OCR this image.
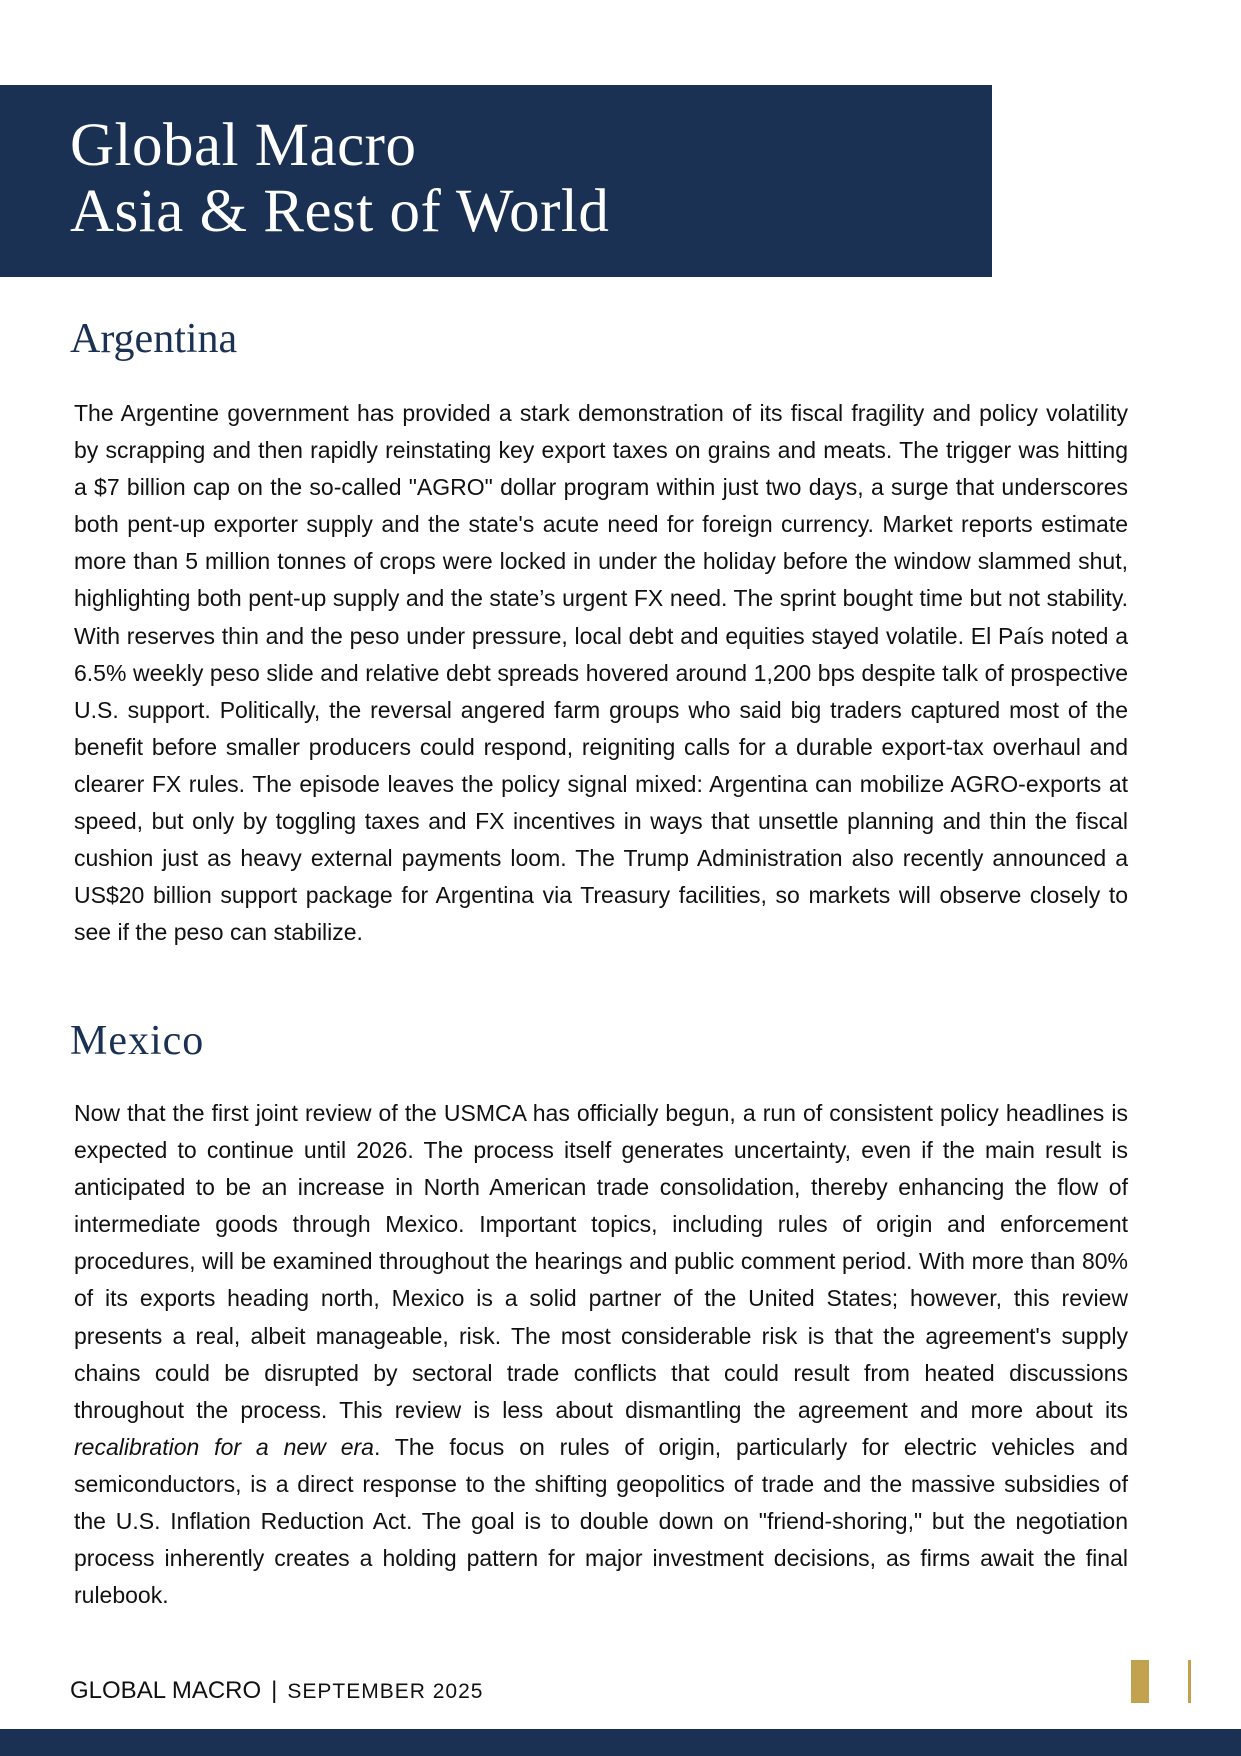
Global Macro
Asia & Rest of World
Argentina

The Argentine government has provided a stark demonstration of its fiscal fragility and policy volatility by scrapping and then rapidly reinstating key export taxes on grains and meats. The trigger was hitting a $7 billion cap on the so-called "AGRO" dollar program within just two days, a surge that underscores both pent-up exporter supply and the state's acute need for foreign currency. Market reports estimate more than 5 million tonnes of crops were locked in under the holiday before the window slammed shut, highlighting both pent-up supply and the state’s urgent FX need. The sprint bought time but not stability. With reserves thin and the peso under pressure, local debt and equities stayed volatile. El País noted a 6.5% weekly peso slide and relative debt spreads hovered around 1,200 bps despite talk of prospective U.S. support. Politically, the reversal angered farm groups who said big traders captured most of the benefit before smaller producers could respond, reigniting calls for a durable export-tax overhaul and clearer FX rules. The episode leaves the policy signal mixed: Argentina can mobilize AGRO-exports at speed, but only by toggling taxes and FX incentives in ways that unsettle planning and thin the fiscal cushion just as heavy external payments loom. The Trump Administration also recently announced a US$20 billion support package for Argentina via Treasury facilities, so markets will observe closely to see if the peso can stabilize.

Mexico

Now that the first joint review of the USMCA has officially begun, a run of consistent policy headlines is expected to continue until 2026. The process itself generates uncertainty, even if the main result is anticipated to be an increase in North American trade consolidation, thereby enhancing the flow of intermediate goods through Mexico. Important topics, including rules of origin and enforcement procedures, will be examined throughout the hearings and public comment period. With more than 80% of its exports heading north, Mexico is a solid partner of the United States; however, this review presents a real, albeit manageable, risk. The most considerable risk is that the agreement's supply chains could be disrupted by sectoral trade conflicts that could result from heated discussions throughout the process. This review is less about dismantling the agreement and more about its recalibration for a new era. The focus on rules of origin, particularly for electric vehicles and semiconductors, is a direct response to the shifting geopolitics of trade and the massive subsidies of the U.S. Inflation Reduction Act. The goal is to double down on "friend-shoring," but the negotiation process inherently creates a holding pattern for major investment decisions, as firms await the final rulebook.

GLOBAL MACRO | SEPTEMBER 2025
